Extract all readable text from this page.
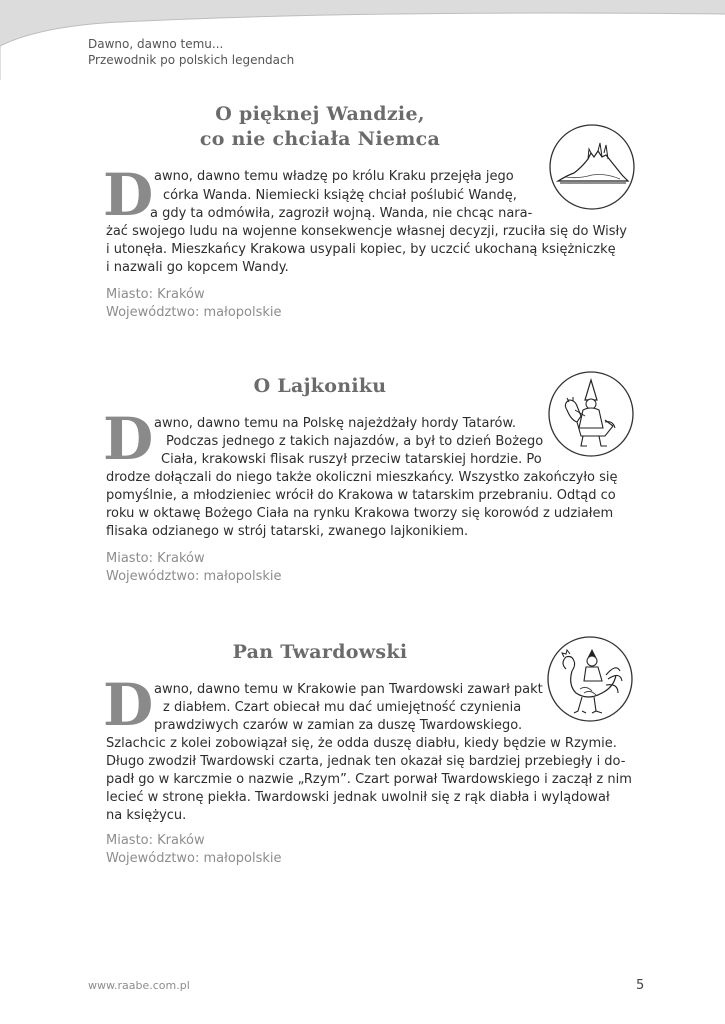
Dawno, dawno temu...
Przewodnik po polskich legendach
O pięknej Wandzie,
co nie chciała Niemca
D awno, dawno temu władzę po królu Kraku przejęła jego
córka Wanda. Niemiecki książę chciał poślubić Wandę,
a gdy ta odmówiła, zagroził wojną. Wanda, nie chcąc nara-
żać swojego ludu na wojenne konsekwencje własnej decyzji, rzuciła się do Wisły
i utonęła. Mieszkańcy Krakowa usypali kopiec, by uczcić ukochaną księżniczkę
i nazwali go kopcem Wandy.
Miasto: Kraków
Województwo: małopolskie
O Lajkoniku
D awno, dawno temu na Polskę najeżdżały hordy Tatarów.
Podczas jednego z takich najazdów, a był to dzień Bożego
Ciała, krakowski flisak ruszył przeciw tatarskiej hordzie. Po
drodze dołączali do niego także okoliczni mieszkańcy. Wszystko zakończyło się
pomyślnie, a młodzieniec wrócił do Krakowa w tatarskim przebraniu. Odtąd co
roku w oktawę Bożego Ciała na rynku Krakowa tworzy się korowód z udziałem
flisaka odzianego w strój tatarski, zwanego lajkonikiem.
Miasto: Kraków
Województwo: małopolskie
Pan Twardowski
D awno, dawno temu w Krakowie pan Twardowski zawarł pakt
z diabłem. Czart obiecał mu dać umiejętność czynienia
prawdziwych czarów w zamian za duszę Twardowskiego.
Szlachcic z kolei zobowiązał się, że odda duszę diabłu, kiedy będzie w Rzymie.
Długo zwodził Twardowski czarta, jednak ten okazał się bardziej przebiegły i do-
padł go w karczmie o nazwie „Rzym”. Czart porwał Twardowskiego i zaczął z nim
lecieć w stronę piekła. Twardowski jednak uwolnił się z rąk diabła i wylądował
na księżycu.
Miasto: Kraków
Województwo: małopolskie
www.raabe.com.pl	5
